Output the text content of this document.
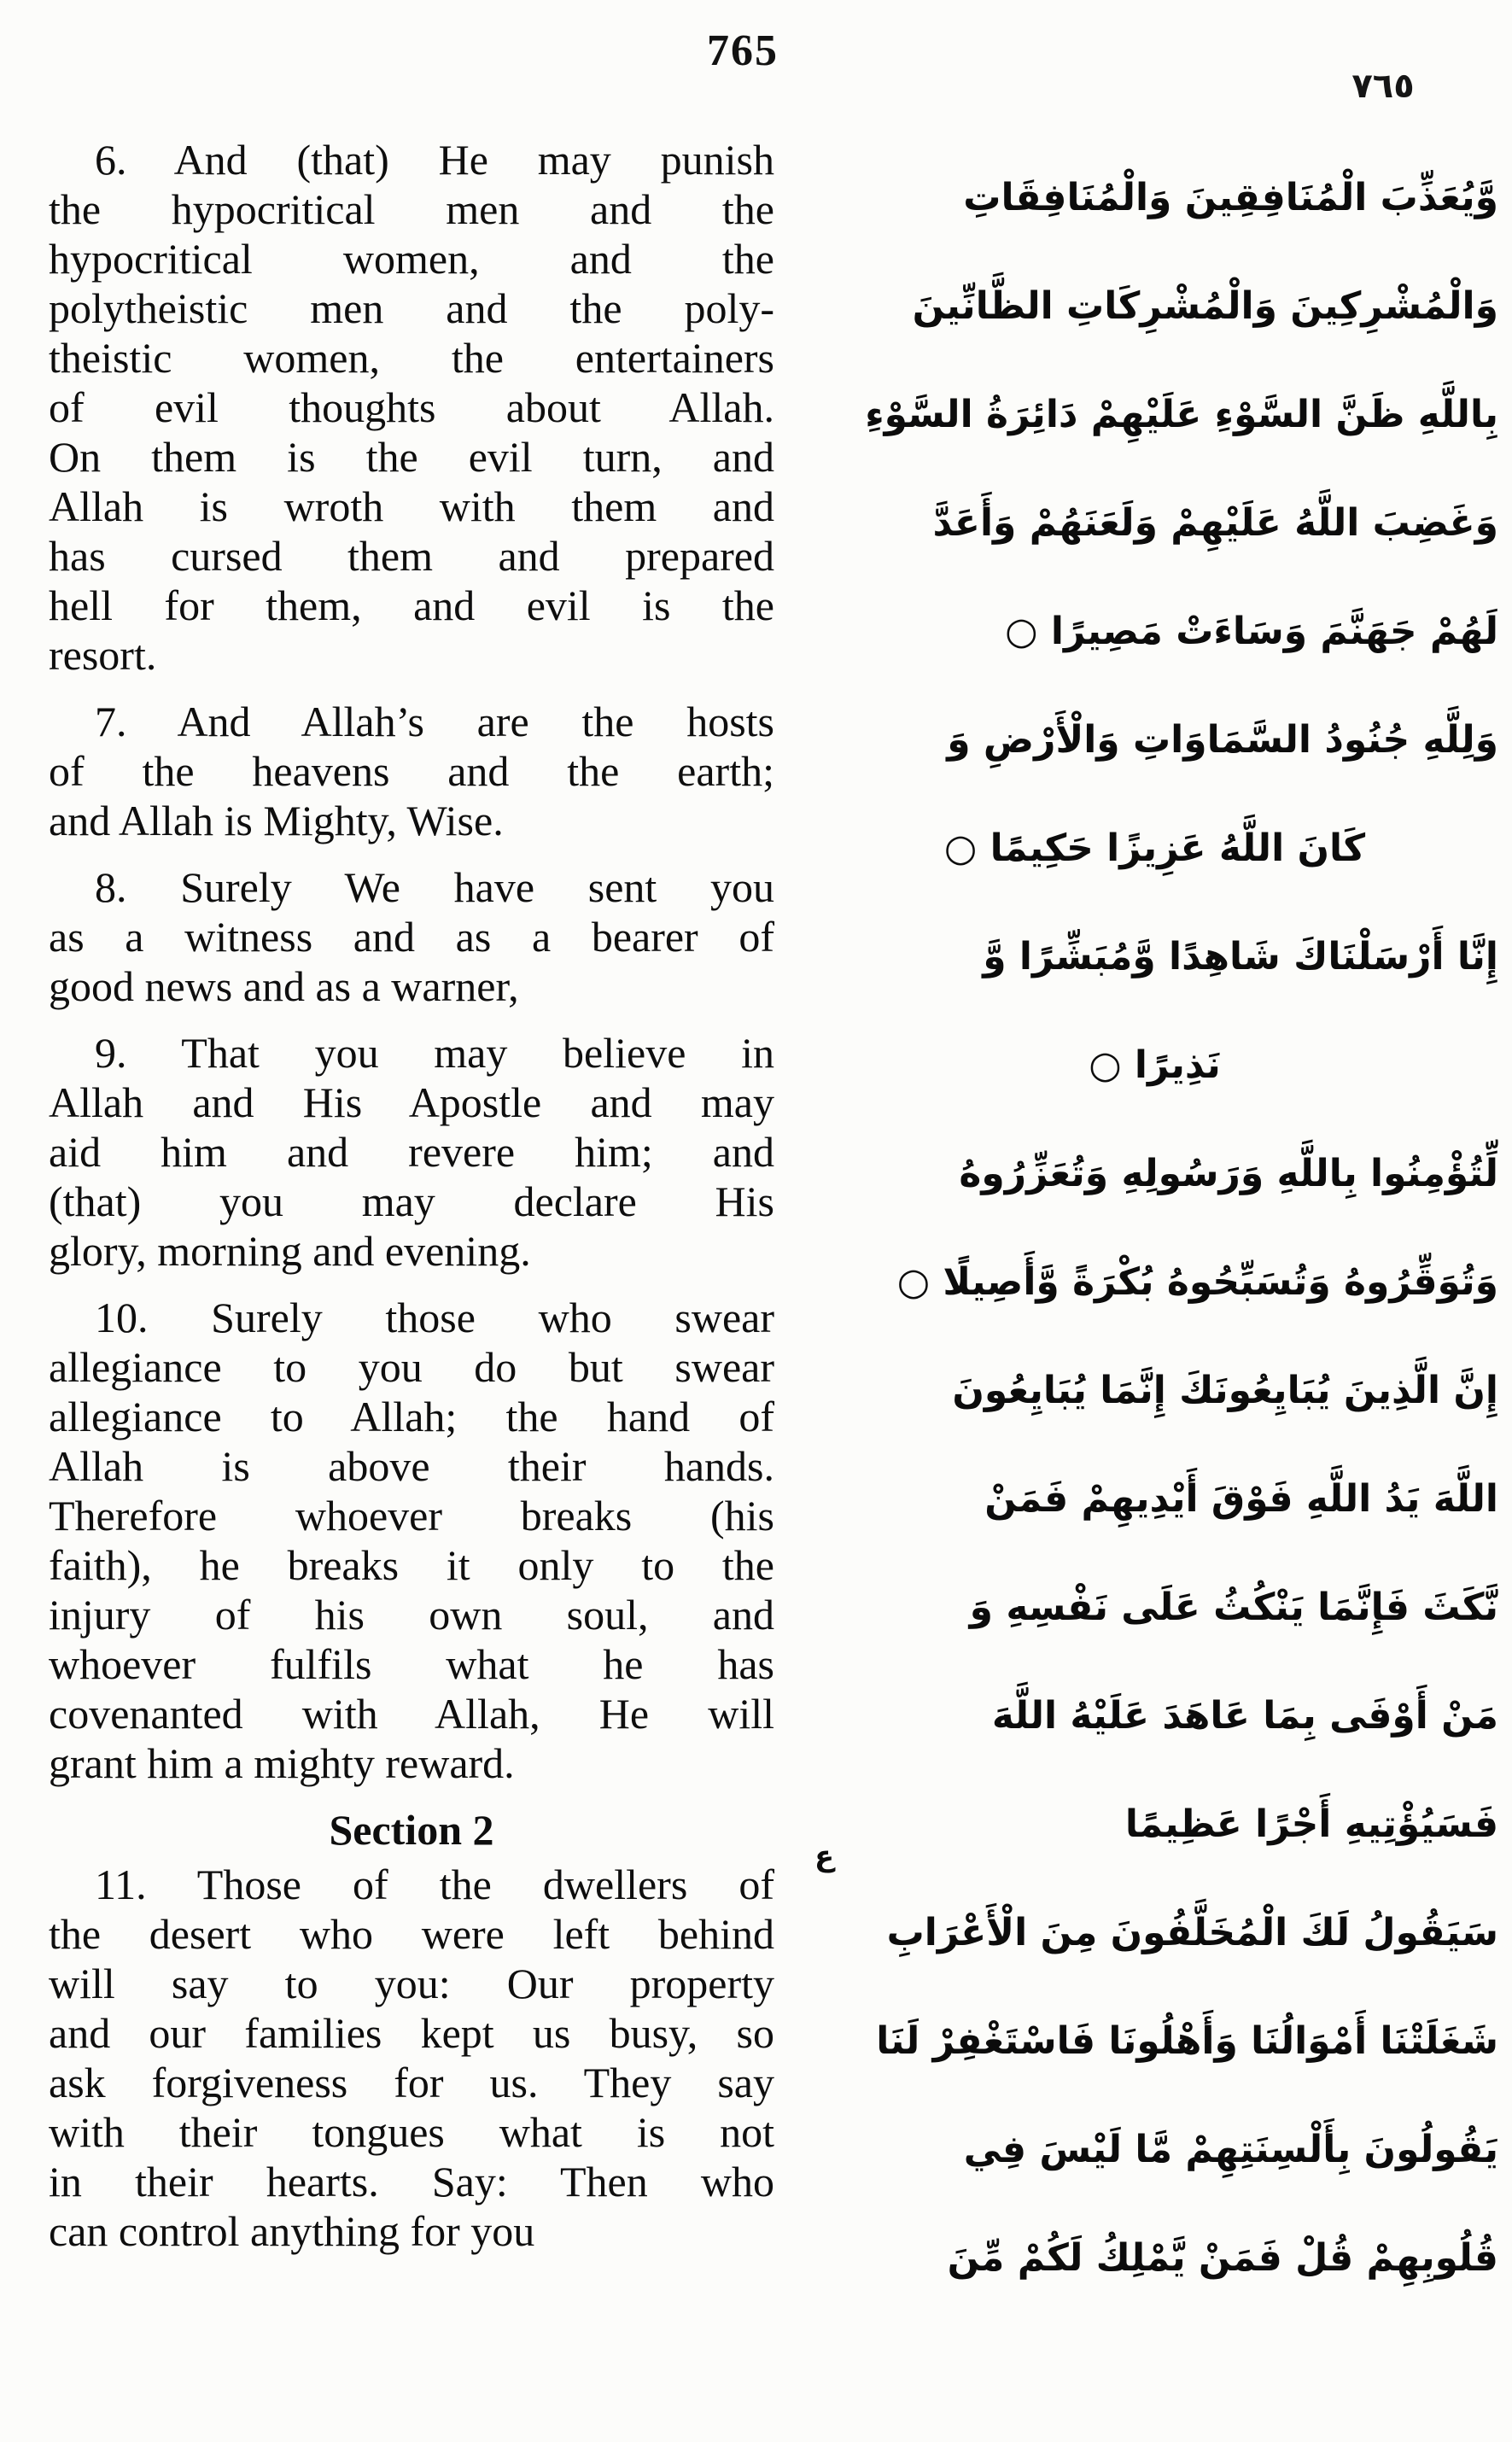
765
٧٦٥
6. And (that) He may punish
the hypocritical men and the
hypocritical women, and the
polytheistic men and the poly-
theistic women, the entertainers
of evil thoughts about Allah.
On them is the evil turn, and
Allah is wroth with them and
has cursed them and prepared
hell for them, and evil is the
resort.
7. And Allah’s are the hosts
of the heavens and the earth;
and Allah is Mighty, Wise.
8. Surely We have sent you
as a witness and as a bearer of
good news and as a warner,
9. That you may believe in
Allah and His Apostle and may
aid him and revere him; and
(that) you may declare His
glory, morning and evening.
10. Surely those who swear
allegiance to you do but swear
allegiance to Allah; the hand of
Allah is above their hands.
Therefore whoever breaks (his
faith), he breaks it only to the
injury of his own soul, and
whoever fulfils what he has
covenanted with Allah, He will
grant him a mighty reward.
Section 2
11. Those of the dwellers of
the desert who were left behind
will say to you: Our property
and our families kept us busy, so
ask forgiveness for us. They say
with their tongues what is not
in their hearts. Say: Then who
can control anything for you
وَّيُعَذِّبَ الْمُنَافِقِينَ وَالْمُنَافِقَاتِ
وَالْمُشْرِكِينَ وَالْمُشْرِكَاتِ الظَّانِّينَ
بِاللَّهِ ظَنَّ السَّوْءِ عَلَيْهِمْ دَائِرَةُ السَّوْءِ
وَغَضِبَ اللَّهُ عَلَيْهِمْ وَلَعَنَهُمْ وَأَعَدَّ
لَهُمْ جَهَنَّمَ وَسَاءَتْ مَصِيرًا ○
وَلِلَّهِ جُنُودُ السَّمَاوَاتِ وَالْأَرْضِ وَ
كَانَ اللَّهُ عَزِيزًا حَكِيمًا ○
إِنَّا أَرْسَلْنَاكَ شَاهِدًا وَّمُبَشِّرًا وَّ
نَذِيرًا ○
لِّتُؤْمِنُوا بِاللَّهِ وَرَسُولِهِ وَتُعَزِّرُوهُ
وَتُوَقِّرُوهُ وَتُسَبِّحُوهُ بُكْرَةً وَّأَصِيلًا ○
إِنَّ الَّذِينَ يُبَايِعُونَكَ إِنَّمَا يُبَايِعُونَ
اللَّهَ يَدُ اللَّهِ فَوْقَ أَيْدِيهِمْ فَمَنْ
نَّكَثَ فَإِنَّمَا يَنْكُثُ عَلَى نَفْسِهِ وَ
مَنْ أَوْفَى بِمَا عَاهَدَ عَلَيْهُ اللَّهَ
فَسَيُؤْتِيهِ أَجْرًا عَظِيمًا
ع
سَيَقُولُ لَكَ الْمُخَلَّفُونَ مِنَ الْأَعْرَابِ
شَغَلَتْنَا أَمْوَالُنَا وَأَهْلُونَا فَاسْتَغْفِرْ لَنَا
يَقُولُونَ بِأَلْسِنَتِهِمْ مَّا لَيْسَ فِي
قُلُوبِهِمْ قُلْ فَمَنْ يَّمْلِكُ لَكُمْ مِّنَ
